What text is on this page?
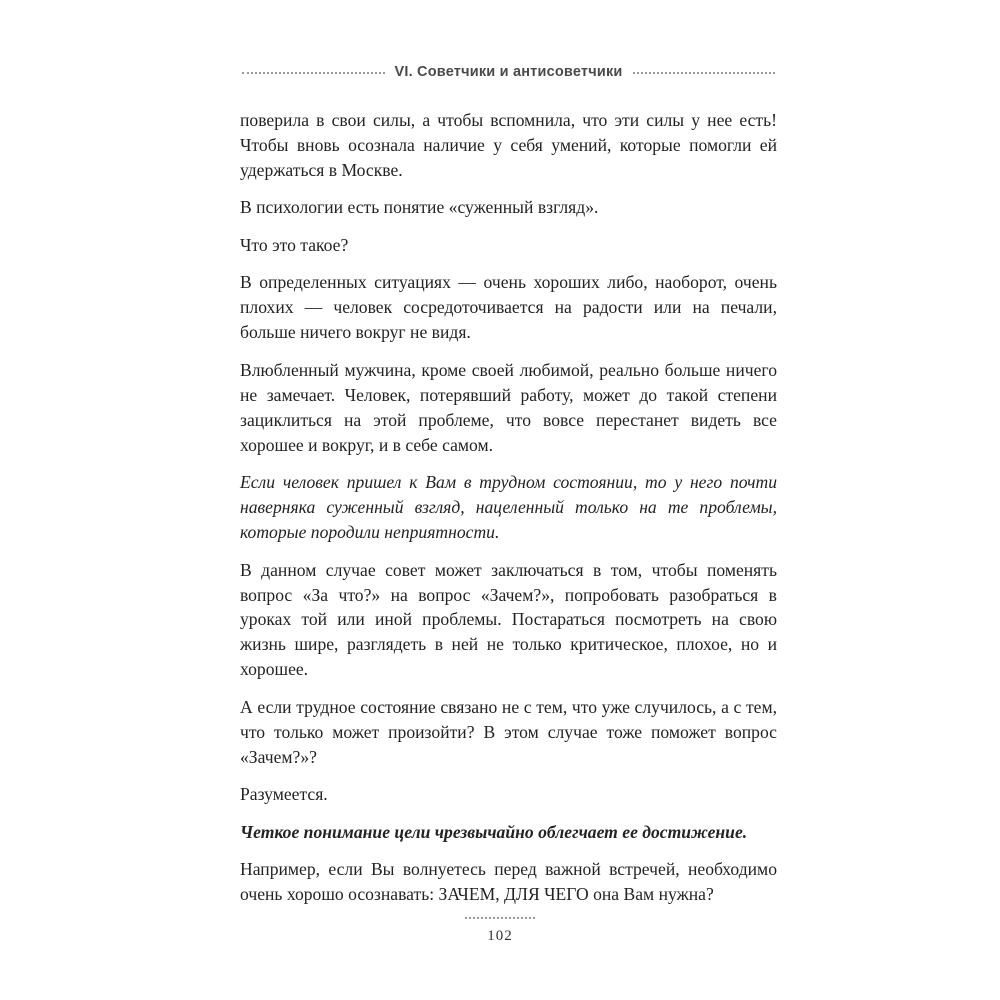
VI. Советчики и антисоветчики

поверила в свои силы, а чтобы вспомнила, что эти силы у нее есть! Чтобы вновь осознала наличие у себя умений, которые помогли ей удержаться в Москве.

В психологии есть понятие «суженный взгляд».

Что это такое?

В определенных ситуациях — очень хороших либо, наоборот, очень плохих — человек сосредоточивается на радости или на печали, больше ничего вокруг не видя.

Влюбленный мужчина, кроме своей любимой, реально больше ничего не замечает. Человек, потерявший работу, может до такой степени зациклиться на этой проблеме, что вовсе перестанет видеть все хорошее и вокруг, и в себе самом.

Если человек пришел к Вам в трудном состоянии, то у него почти наверняка суженный взгляд, нацеленный только на те проблемы, которые породили неприятности.

В данном случае совет может заключаться в том, чтобы поменять вопрос «За что?» на вопрос «Зачем?», попробовать разобраться в уроках той или иной проблемы. Постараться посмотреть на свою жизнь шире, разглядеть в ней не только критическое, плохое, но и хорошее.

А если трудное состояние связано не с тем, что уже случилось, а с тем, что только может произойти? В этом случае тоже поможет вопрос «Зачем?»?

Разумеется.

Четкое понимание цели чрезвычайно облегчает ее достижение.

Например, если Вы волнуетесь перед важной встречей, необходимо очень хорошо осознавать: ЗАЧЕМ, ДЛЯ ЧЕГО она Вам нужна?

102
